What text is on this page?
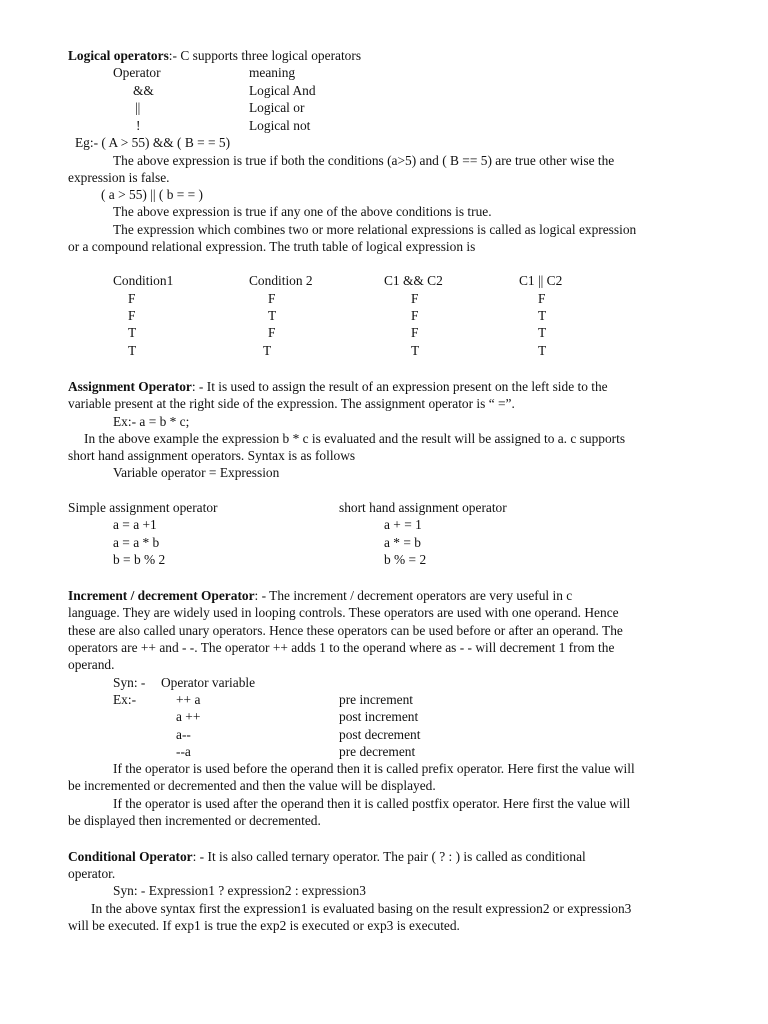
Logical operators:- C supports three logical operators
Operator	meaning
&&	Logical And
||	Logical or
!	Logical not
Eg:- ( A > 55) && ( B = = 5)
The above expression is true if both the conditions (a>5) and ( B == 5) are true other wise the
expression is false.
( a > 55) || ( b = = )
The above expression is true if any one of the above conditions is true.
The expression which combines two or more relational expressions is called as logical expression
or a compound relational expression. The truth table of logical expression is
Condition1	Condition 2	C1 && C2	C1 || C2
F	F	F	F
F	T	F	T
T	F	F	T
T	T	T	T
Assignment Operator: - It is used to assign the result of an expression present on the left side to the
variable present at the right side of the expression. The assignment operator is “ =”.
Ex:- a = b * c;
In the above example the expression b * c is evaluated and the result will be assigned to a. c supports
short hand assignment operators. Syntax is as follows
Variable operator = Expression
Simple assignment operator	short hand assignment operator
a = a +1	a + = 1
a = a * b	a * = b
b = b % 2	b % = 2
Increment / decrement Operator: - The increment / decrement operators are very useful in c
language. They are widely used in looping controls. These operators are used with one operand. Hence
these are also called unary operators. Hence these operators can be used before or after an operand. The
operators are ++ and - -. The operator ++ adds 1 to the operand where as - - will decrement 1 from the
operand.
Syn: - Operator variable
Ex:-	++ a	pre increment
a ++	post increment
a--	post decrement
--a	pre decrement
If the operator is used before the operand then it is called prefix operator. Here first the value will
be incremented or decremented and then the value will be displayed.
If the operator is used after the operand then it is called postfix operator. Here first the value will
be displayed then incremented or decremented.
Conditional Operator: - It is also called ternary operator. The pair ( ? : ) is called as conditional
operator.
Syn: - Expression1 ? expression2 : expression3
In the above syntax first the expression1 is evaluated basing on the result expression2 or expression3
will be executed. If exp1 is true the exp2 is executed or exp3 is executed.
